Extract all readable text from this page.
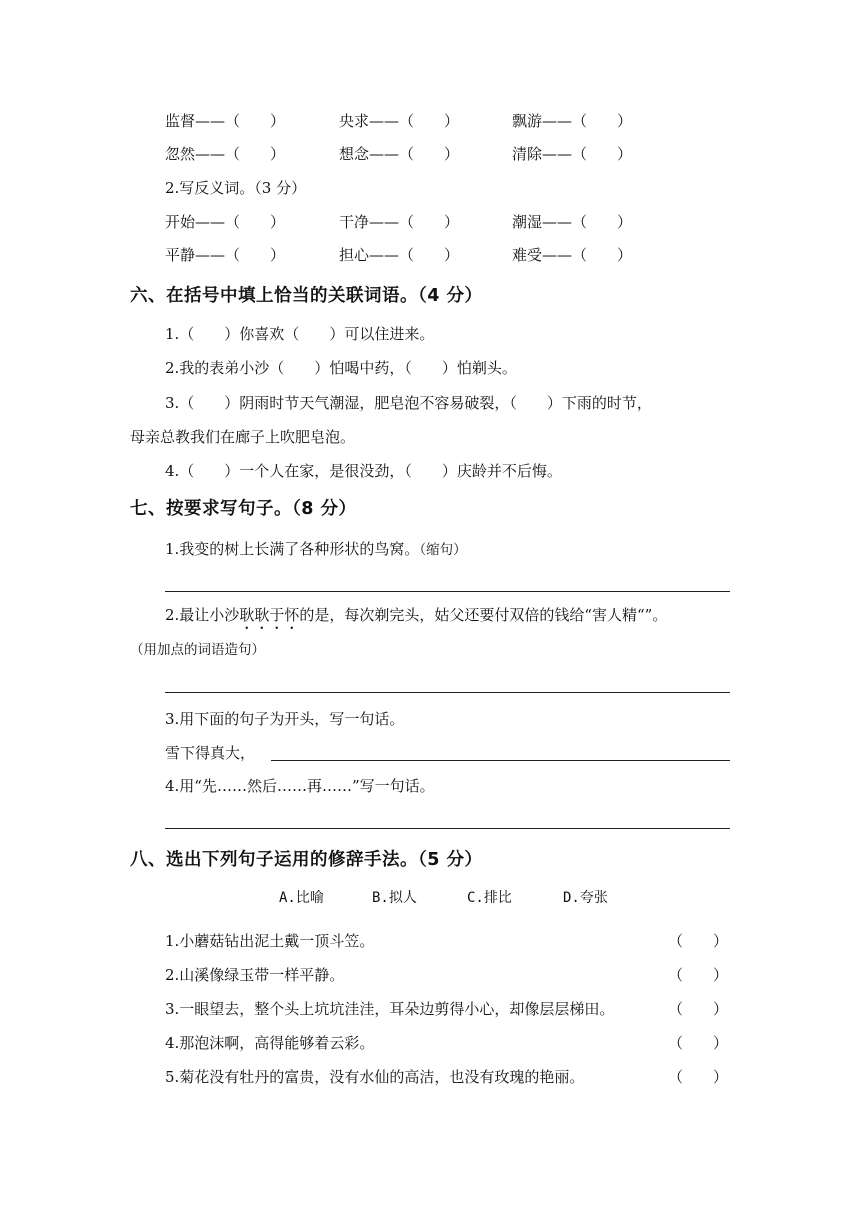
监督——（　　）	央求——（　　）	飘游——（　　）
忽然——（　　）	想念——（　　）	清除——（　　）
2.写反义词。（3 分）
开始——（　　）	干净——（　　）	潮湿——（　　）
平静——（　　）	担心——（　　）	难受——（　　）
六、在括号中填上恰当的关联词语。（4 分）
1.（　　）你喜欢（　　）可以住进来。
2.我的表弟小沙（　　）怕喝中药，（　　）怕剃头。
3.（　　）阴雨时节天气潮湿，肥皂泡不容易破裂，（　　）下雨的时节，
母亲总教我们在廊子上吹肥皂泡。
4.（　　）一个人在家，是很没劲，（　　）庆龄并不后悔。
七、按要求写句子。（8 分）
1.我变的树上长满了各种形状的鸟窝。（缩句）
2.最让小沙耿耿于怀的是，每次剃完头，姑父还要付双倍的钱给“害人精“”。
（用加点的词语造句）
3.用下面的句子为开头，写一句话。
雪下得真大，
4.用“先……然后……再……”写一句话。
八、选出下列句子运用的修辞手法。（5 分）
A.比喻	B.拟人	C.排比	D.夸张
1.小蘑菇钻出泥土戴一顶斗笠。	（　　）
2.山溪像绿玉带一样平静。	（　　）
3.一眼望去，整个头上坑坑洼洼，耳朵边剪得小心，却像层层梯田。	（　　）
4.那泡沫啊，高得能够着云彩。	（　　）
5.菊花没有牡丹的富贵，没有水仙的高洁，也没有玫瑰的艳丽。	（　　）
